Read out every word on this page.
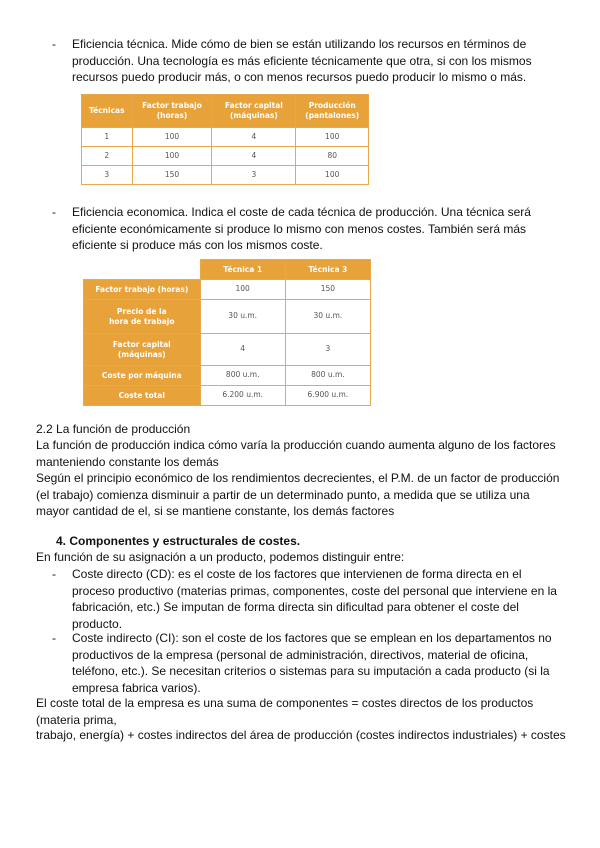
- Eficiencia técnica. Mide cómo de bien se están utilizando los recursos en términos de producción. Una tecnología es más eficiente técnicamente que otra, si con los mismos recursos puedo producir más, o con menos recursos puedo producir lo mismo o más.
Técnicas	Factor trabajo (horas)	Factor capital (máquinas)	Producción (pantalones)
1	100	4	100
2	100	4	80
3	150	3	100
- Eficiencia economica. Indica el coste de cada técnica de producción. Una técnica será eficiente económicamente si produce lo mismo con menos costes. También será más eficiente si produce más con los mismos coste.
	Técnica 1	Técnica 3
Factor trabajo (horas)	100	150
Precio de la hora de trabajo	30 u.m.	30 u.m.
Factor capital (máquinas)	4	3
Coste por máquina	800 u.m.	800 u.m.
Coste total	6.200 u.m.	6.900 u.m.
2.2 La función de producción
La función de producción indica cómo varía la producción cuando aumenta alguno de los factores manteniendo constante los demás
Según el principio económico de los rendimientos decrecientes, el P.M. de un factor de producción (el trabajo) comienza disminuir a partir de un determinado punto, a medida que se utiliza una mayor cantidad de el, si se mantiene constante, los demás factores
4. Componentes y estructurales de costes.
En función de su asignación a un producto, podemos distinguir entre:
- Coste directo (CD): es el coste de los factores que intervienen de forma directa en el proceso productivo (materias primas, componentes, coste del personal que interviene en la fabricación, etc.) Se imputan de forma directa sin dificultad para obtener el coste del producto.
- Coste indirecto (CI): son el coste de los factores que se emplean en los departamentos no productivos de la empresa (personal de administración, directivos, material de oficina, teléfono, etc.). Se necesitan criterios o sistemas para su imputación a cada producto (si la empresa fabrica varios).
El coste total de la empresa es una suma de componentes = costes directos de los productos (materia prima,
trabajo, energía) + costes indirectos del área de producción (costes indirectos industriales) + costes
